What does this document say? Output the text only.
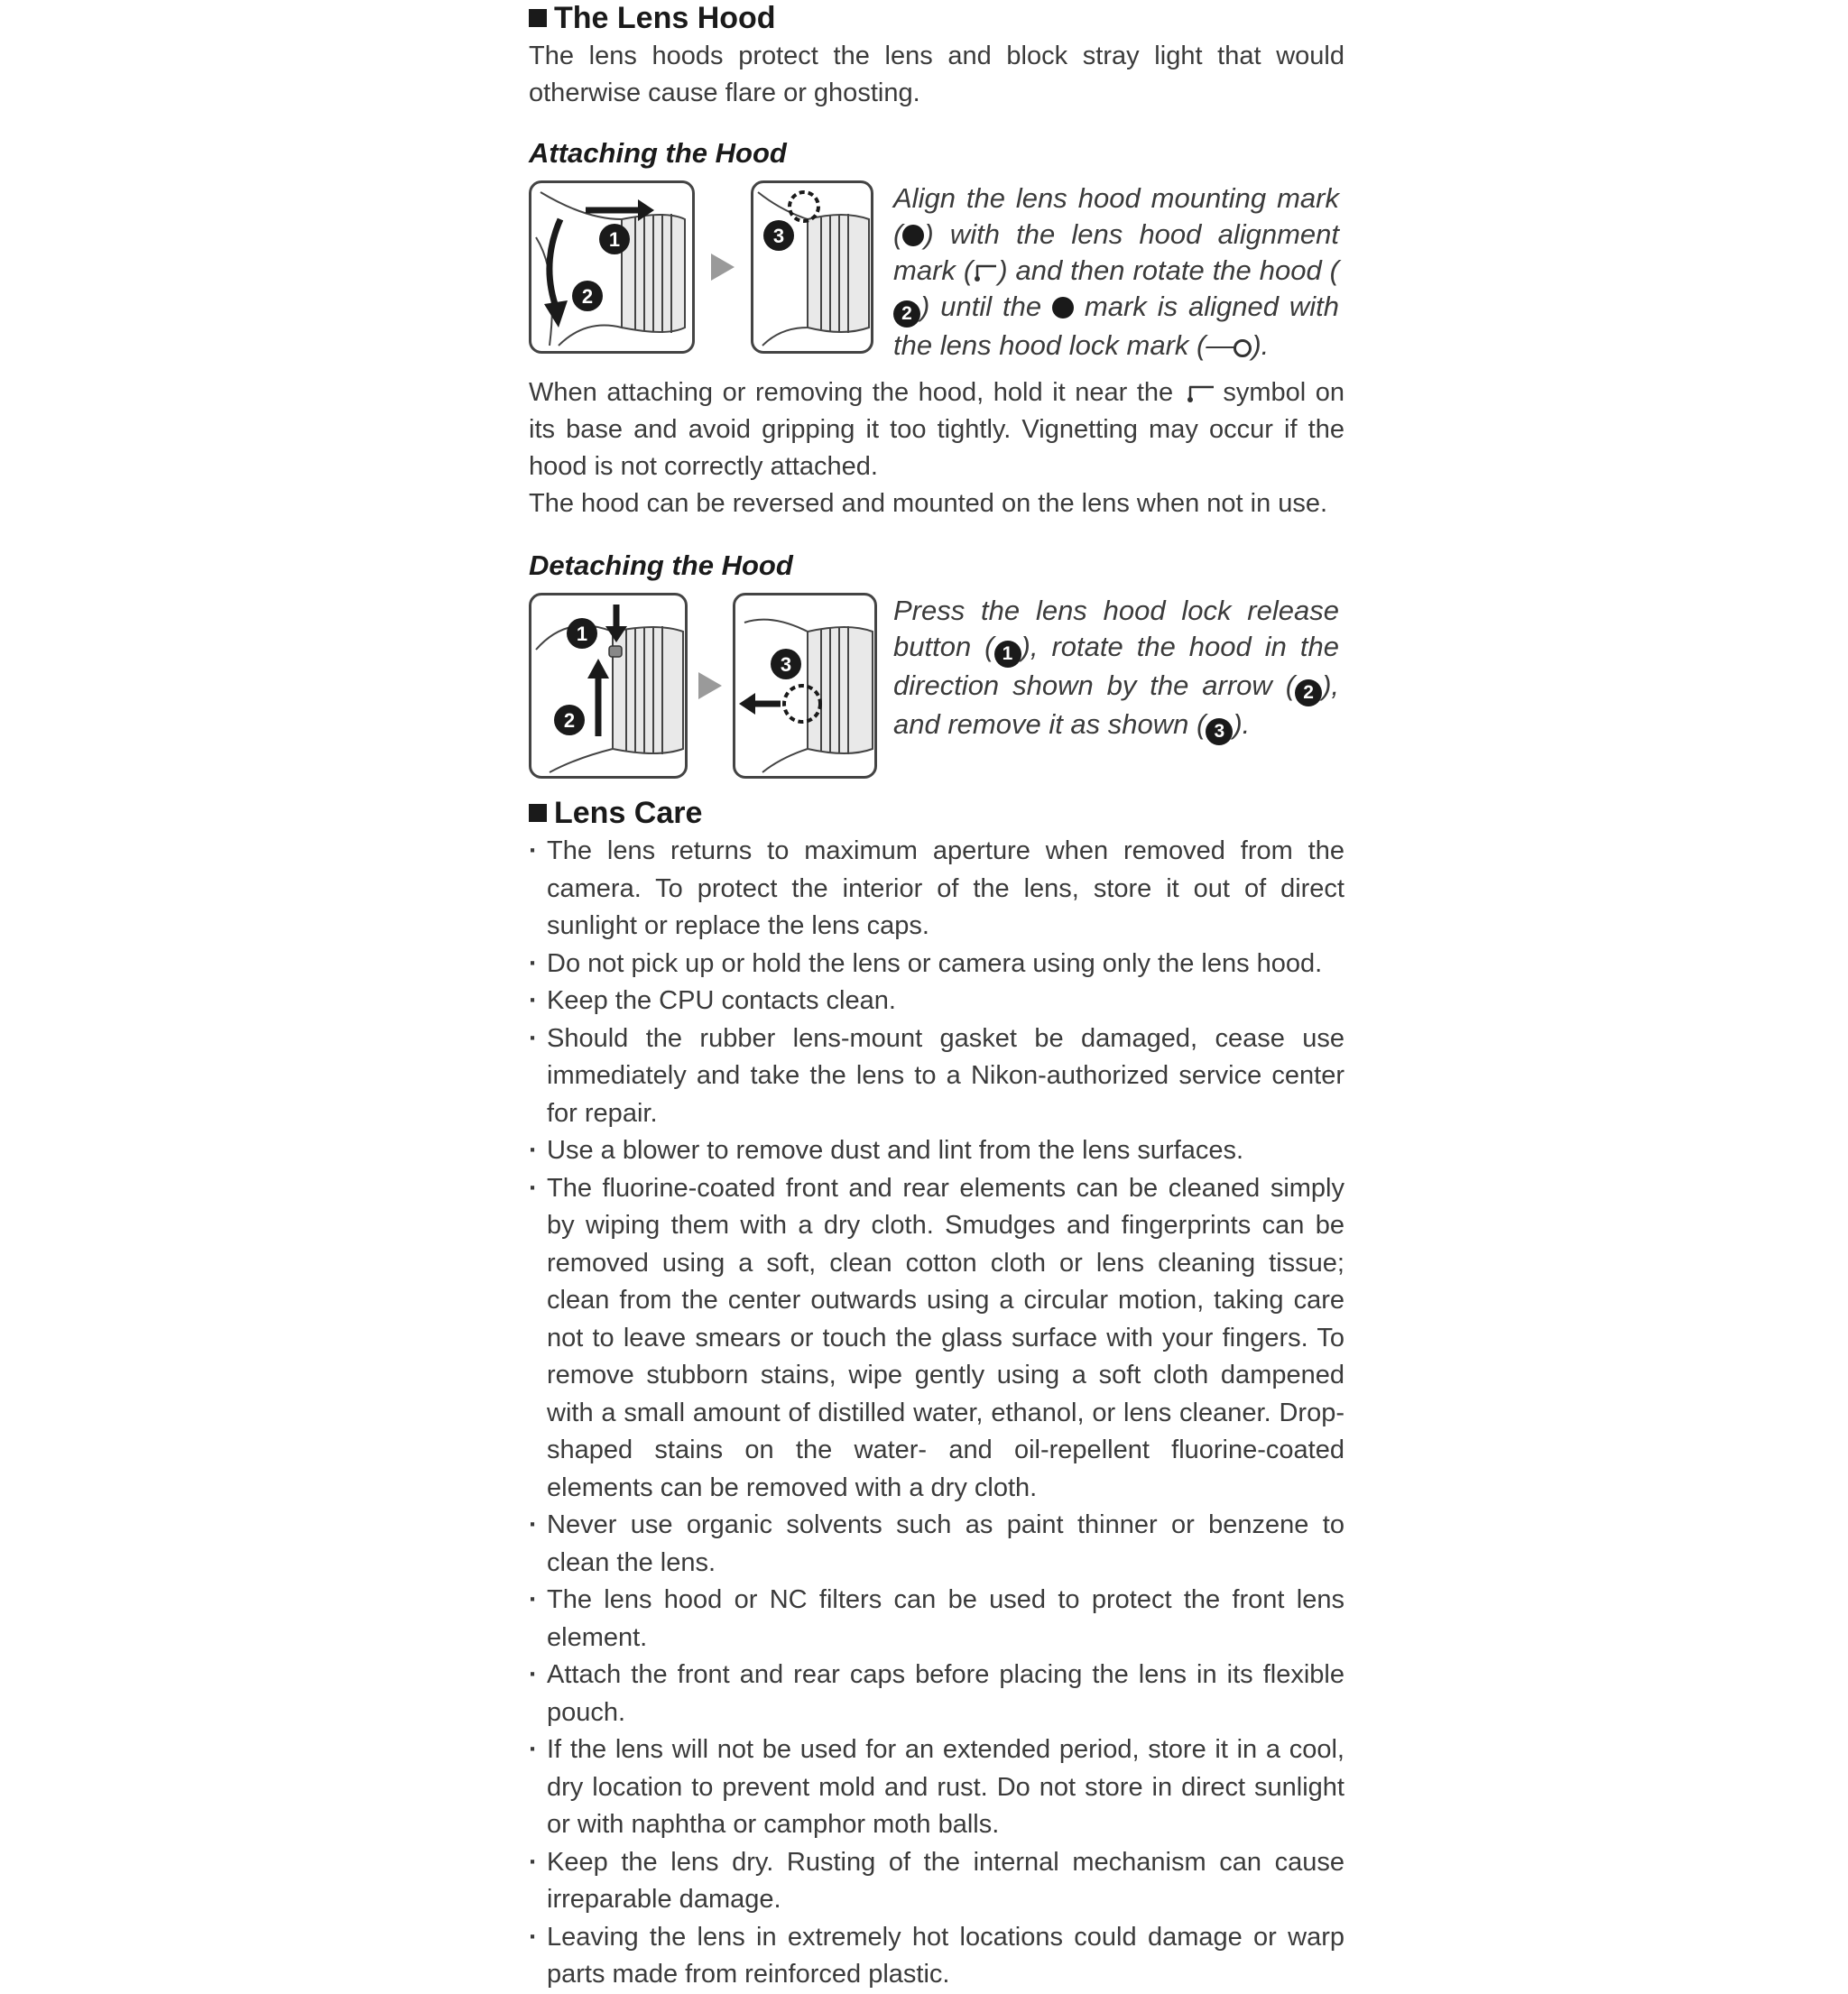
The Lens Hood

The lens hoods protect the lens and block stray light that would otherwise cause flare or ghosting.

Attaching the Hood
1
2
3

Align the lens hood mounting mark ( ) with the lens hood alignment mark ( ) and then rotate the hood (2 ) until the  mark is aligned with the lens hood lock mark (— ).

When attaching or removing the hood, hold it near the  symbol on its base and avoid gripping it too tightly. Vignetting may occur if the hood is not correctly attached.

The hood can be reversed and mounted on the lens when not in use.

Detaching the Hood
1
2
3

Press the lens hood lock release button ( 1 ), rotate the hood in the direction shown by the arrow ( 2 ), and remove it as shown ( 3 ).

Lens Care
· The lens returns to maximum aperture when removed from the camera. To protect the interior of the lens, store it out of direct sunlight or replace the lens caps.
· Do not pick up or hold the lens or camera using only the lens hood.
· Keep the CPU contacts clean.
· Should the rubber lens-mount gasket be damaged, cease use immediately and take the lens to a Nikon-authorized service center for repair.
· Use a blower to remove dust and lint from the lens surfaces.
· The fluorine-coated front and rear elements can be cleaned simply by wiping them with a dry cloth. Smudges and fingerprints can be removed using a soft, clean cotton cloth or lens cleaning tissue; clean from the center outwards using a circular motion, taking care not to leave smears or touch the glass surface with your fingers. To remove stubborn stains, wipe gently using a soft cloth dampened with a small amount of distilled water, ethanol, or lens cleaner. Drop-shaped stains on the water- and oil-repellent fluorine-coated elements can be removed with a dry cloth.
· Never use organic solvents such as paint thinner or benzene to clean the lens.
· The lens hood or NC filters can be used to protect the front lens element.
· Attach the front and rear caps before placing the lens in its flexible pouch.
· If the lens will not be used for an extended period, store it in a cool, dry location to prevent mold and rust. Do not store in direct sunlight or with naphtha or camphor moth balls.
· Keep the lens dry. Rusting of the internal mechanism can cause irreparable damage.
· Leaving the lens in extremely hot locations could damage or warp parts made from reinforced plastic.
